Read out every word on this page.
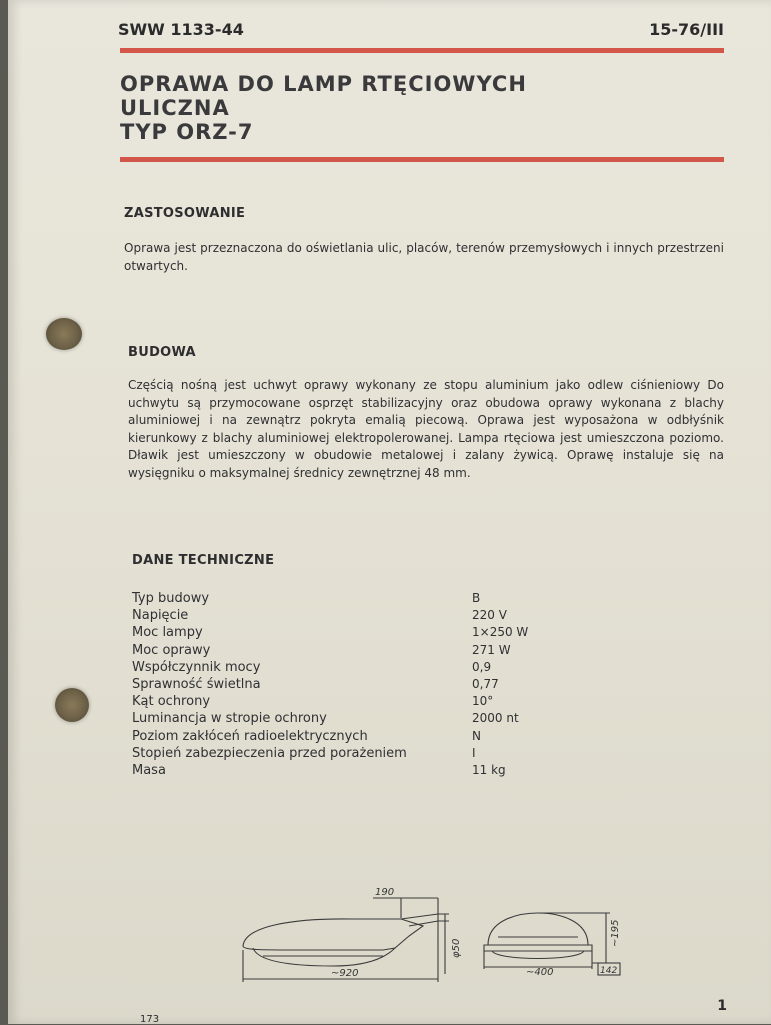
SWW 1133-44	15-76/III
OPRAWA DO LAMP RTĘCIOWYCH
ULICZNA
TYP ORZ-7
ZASTOSOWANIE
Oprawa jest przeznaczona do oświetlania ulic, placów, terenów przemysłowych i innych przestrzeni otwartych.
BUDOWA
Częścią nośną jest uchwyt oprawy wykonany ze stopu aluminium jako odlew ciśnieniowy Do uchwytu są przymocowane osprzęt stabilizacyjny oraz obudowa oprawy wykonana z blachy aluminiowej i na zewnątrz pokryta emalią piecową. Oprawa jest wyposażona w odbłyśnik kierunkowy z blachy aluminiowej elektropolerowanej. Lampa rtęciowa jest umieszczona poziomo. Dławik jest umieszczony w obudowie metalowej i zalany żywicą. Oprawę instaluje się na wysięgniku o maksymalnej średnicy zewnętrznej 48 mm.
DANE TECHNICZNE
Typ budowy	B
Napięcie	220 V
Moc lampy	1×250 W
Moc oprawy	271 W
Współczynnik mocy	0,9
Sprawność świetlna	0,77
Kąt ochrony	10°
Luminancja w stropie ochrony	2000 nt
Poziom zakłóceń radioelektrycznych	N
Stopień zabezpieczenia przed porażeniem	I
Masa	11 kg
190
φ50
~920	~400
~195
142
1
173
